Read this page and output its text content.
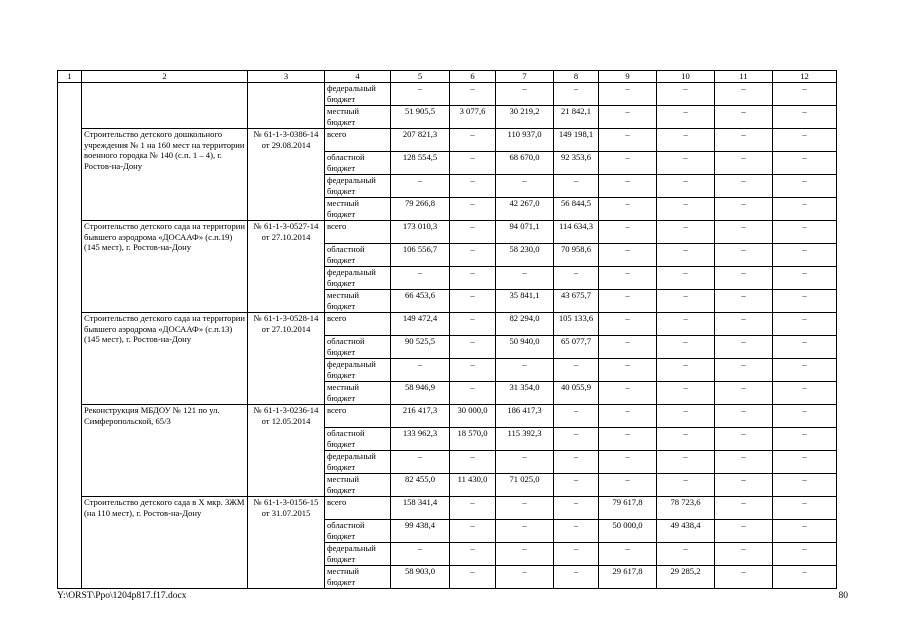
1	2	3	4	5	6	7	8	9	10	11	12
			федеральный бюджет	–	–	–	–	–	–	–	–
			местный бюджет	51 905,5	3 077,6	30 219,2	21 842,1	–	–	–	–
	Строительство детского дошкольного учреждения № 1 на 160 мест на территории военного городка № 140 (с.п. 1 – 4), г. Ростов-на-Дону	№ 61-1-3-0386-14 от 29.08.2014	всего	207 821,3	–	110 937,0	149 198,1	–	–	–	–
			областной бюджет	128 554,5	–	68 670,0	92 353,6	–	–	–	–
			федеральный бюджет	–	–	–	–	–	–	–	–
			местный бюджет	79 266,8	–	42 267,0	56 844,5	–	–	–	–
	Строительство детского сада на территории бывшего аэродрома «ДОСААФ» (с.п.19) (145 мест), г. Ростов-на-Дону	№ 61-1-3-0527-14 от 27.10.2014	всего	173 010,3	–	94 071,1	114 634,3	–	–	–	–
			областной бюджет	106 556,7	–	58 230,0	70 958,6	–	–	–	–
			федеральный бюджет	–	–	–	–	–	–	–	–
			местный бюджет	66 453,6	–	35 841,1	43 675,7	–	–	–	–
	Строительство детского сада на территории бывшего аэродрома «ДОСААФ» (с.п.13) (145 мест), г. Ростов-на-Дону	№ 61-1-3-0528-14 от 27.10.2014	всего	149 472,4	–	82 294,0	105 133,6	–	–	–	–
			областной бюджет	90 525,5	–	50 940,0	65 077,7	–	–	–	–
			федеральный бюджет	–	–	–	–	–	–	–	–
			местный бюджет	58 946,9	–	31 354,0	40 055,9	–	–	–	–
	Реконструкция МБДОУ № 121 по ул. Симферопольской, 65/3	№ 61-1-3-0236-14 от 12.05.2014	всего	216 417,3	30 000,0	186 417,3	–	–	–	–	–
			областной бюджет	133 962,3	18 570,0	115 392,3	–	–	–	–	–
			федеральный бюджет	–	–	–	–	–	–	–	–
			местный бюджет	82 455,0	11 430,0	71 025,0	–	–	–	–	–
	Строительство детского сада в Х мкр. ЗЖМ (на 110 мест), г. Ростов-на-Дону	№ 61-1-3-0156-15 от 31.07.2015	всего	158 341,4	–	–	–	79 617,8	78 723,6	–	–
			областной бюджет	99 438,4	–	–	–	50 000,0	49 438,4	–	–
			федеральный бюджет	–	–	–	–	–	–	–	–
			местный бюджет	58 903,0	–	–	–	29 617,8	29 285,2	–	–
Y:\ORST\Ppo\1204p817.f17.docx	80
